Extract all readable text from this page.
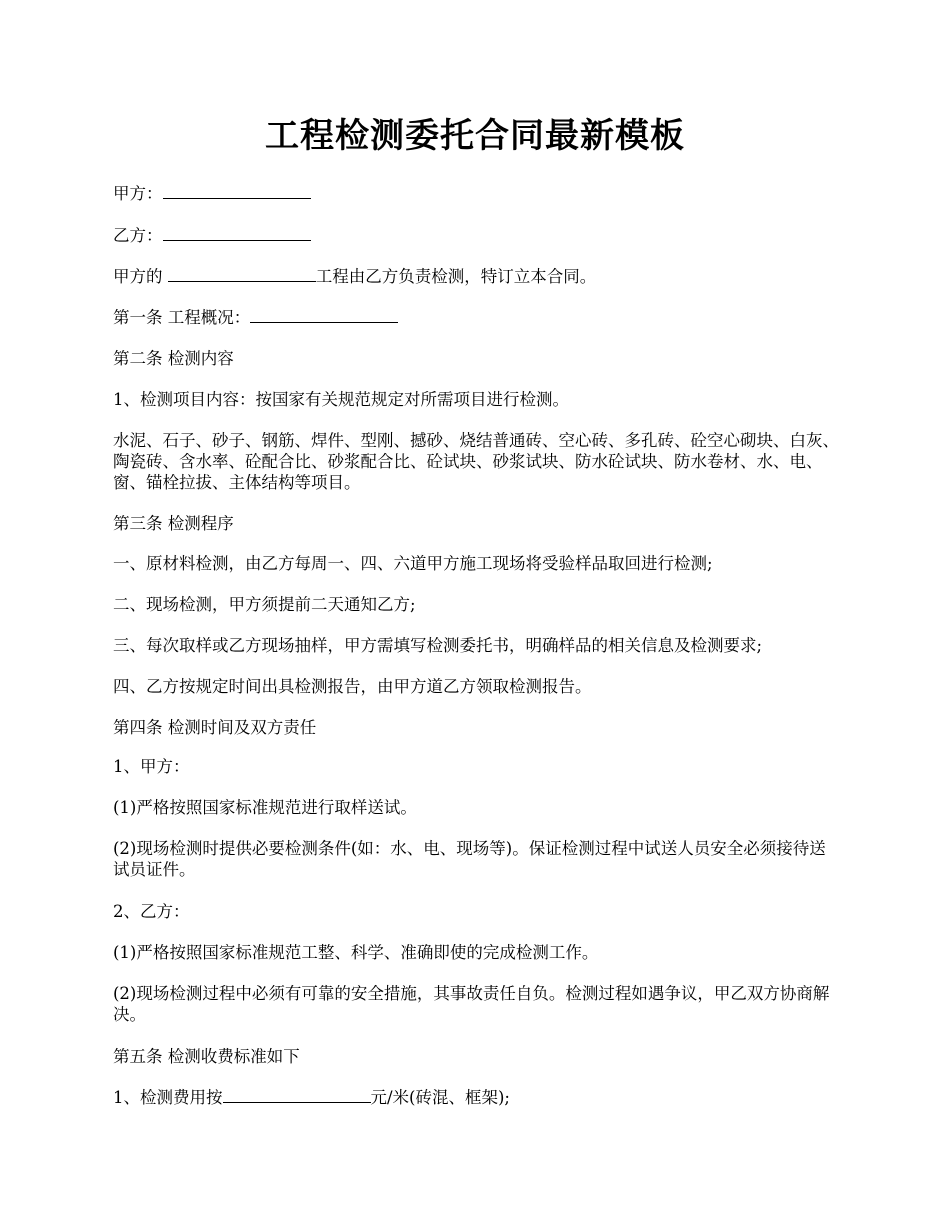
工程检测委托合同最新模板

甲方：

乙方：

甲方的	工程由乙方负责检测，特订立本合同。

第一条 工程概况：

第二条 检测内容

1、检测项目内容：按国家有关规范规定对所需项目进行检测。

水泥、石子、砂子、钢筋、焊件、型刚、撼砂、烧结普通砖、空心砖、多孔砖、砼空心砌块、白灰、陶瓷砖、含水率、砼配合比、砂浆配合比、砼试块、砂浆试块、防水砼试块、防水卷材、水、电、窗、锚栓拉拔、主体结构等项目。

第三条 检测程序

一、原材料检测，由乙方每周一、四、六道甲方施工现场将受验样品取回进行检测;

二、现场检测，甲方须提前二天通知乙方;

三、每次取样或乙方现场抽样，甲方需填写检测委托书，明确样品的相关信息及检测要求;

四、乙方按规定时间出具检测报告，由甲方道乙方领取检测报告。

第四条 检测时间及双方责任

1、甲方：

(1)严格按照国家标准规范进行取样送试。

(2)现场检测时提供必要检测条件(如：水、电、现场等)。保证检测过程中试送人员安全必须接待送试员证件。

2、乙方：

(1)严格按照国家标准规范工整、科学、准确即使的完成检测工作。

(2)现场检测过程中必须有可靠的安全措施，其事故责任自负。检测过程如遇争议，甲乙双方协商解决。

第五条 检测收费标准如下

1、检测费用按	元/米(砖混、框架);
